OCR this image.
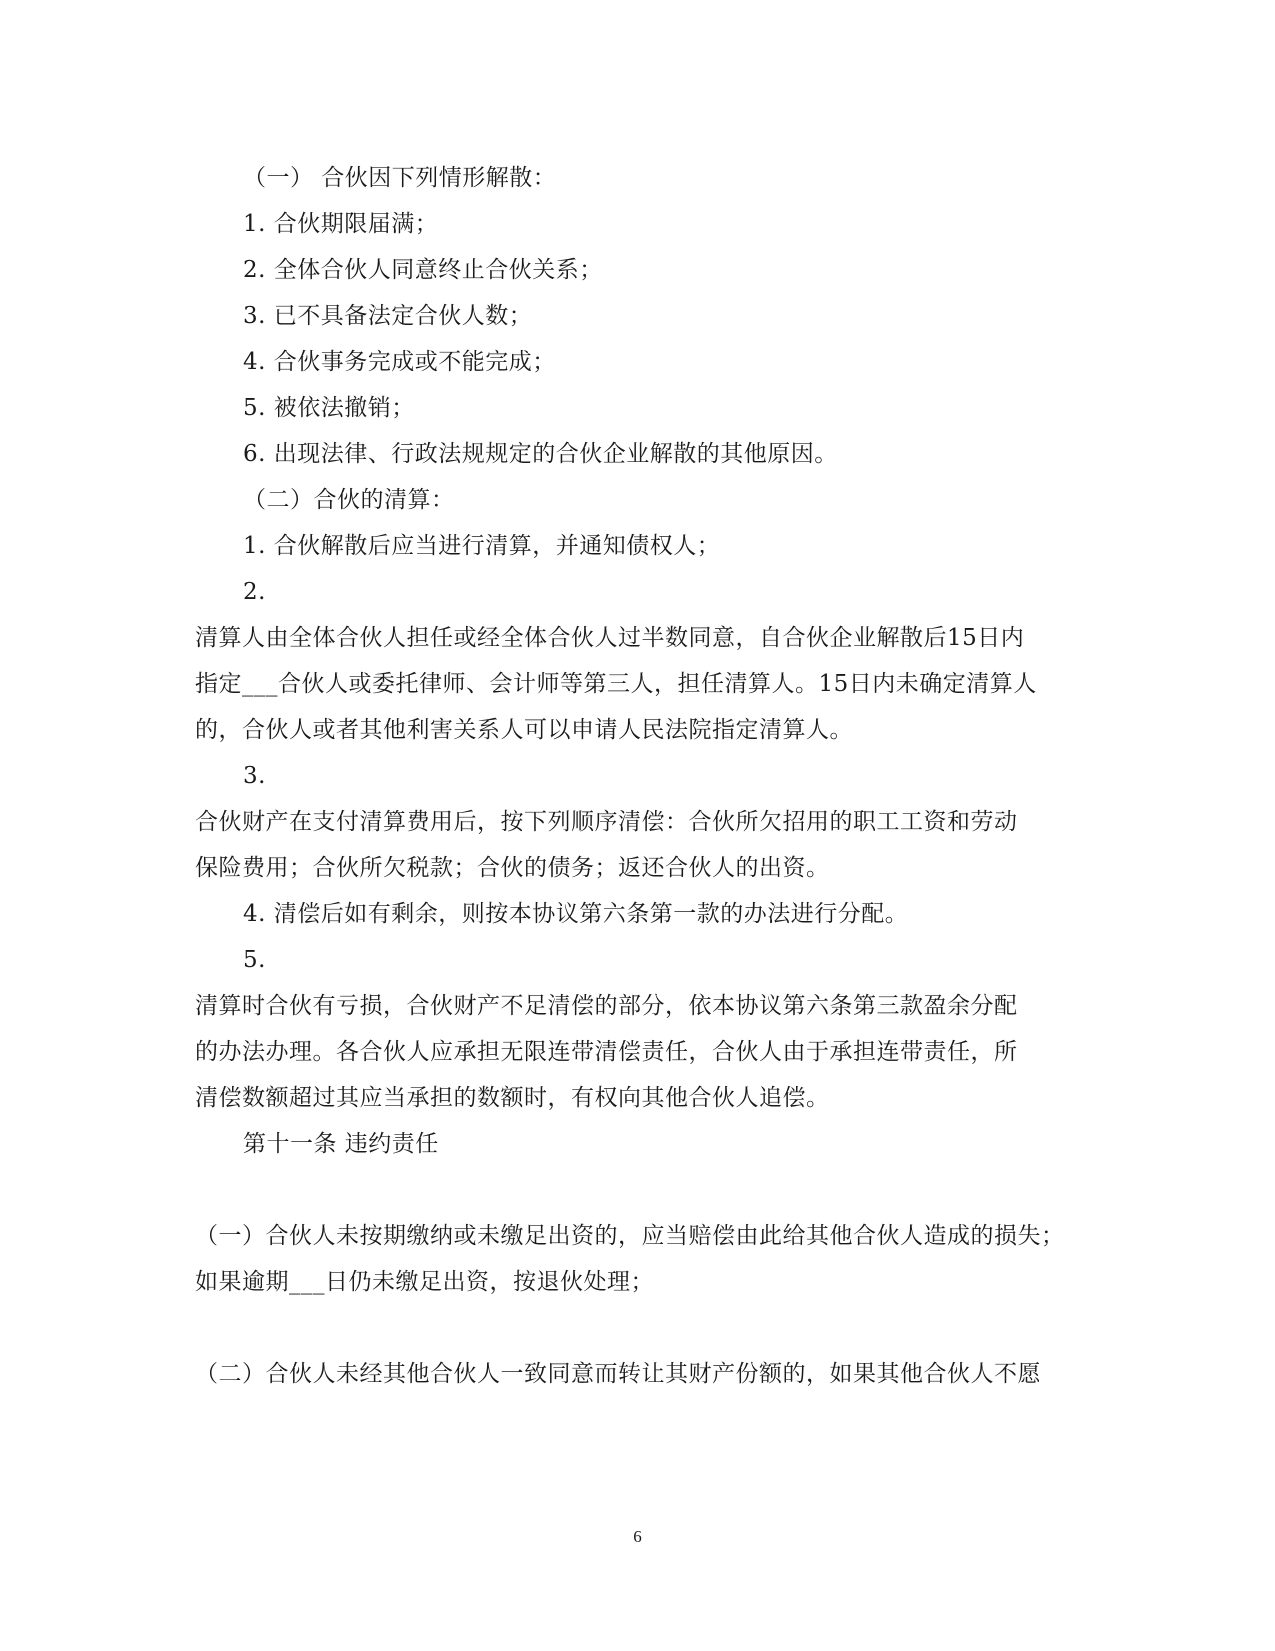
（一） 合伙因下列情形解散：
1. 合伙期限届满；
2. 全体合伙人同意终止合伙关系；
3. 已不具备法定合伙人数；
4. 合伙事务完成或不能完成；
5. 被依法撤销；
6. 出现法律、行政法规规定的合伙企业解散的其他原因。
（二）合伙的清算：
1. 合伙解散后应当进行清算，并通知债权人；
2.
清算人由全体合伙人担任或经全体合伙人过半数同意，自合伙企业解散后15日内
指定___合伙人或委托律师、会计师等第三人，担任清算人。15日内未确定清算人
的，合伙人或者其他利害关系人可以申请人民法院指定清算人。
3.
合伙财产在支付清算费用后，按下列顺序清偿：合伙所欠招用的职工工资和劳动
保险费用；合伙所欠税款；合伙的债务；返还合伙人的出资。
4. 清偿后如有剩余，则按本协议第六条第一款的办法进行分配。
5.
清算时合伙有亏损，合伙财产不足清偿的部分，依本协议第六条第三款盈余分配
的办法办理。各合伙人应承担无限连带清偿责任，合伙人由于承担连带责任，所
清偿数额超过其应当承担的数额时，有权向其他合伙人追偿。
第十一条 违约责任
（一）合伙人未按期缴纳或未缴足出资的，应当赔偿由此给其他合伙人造成的损失；
如果逾期___日仍未缴足出资，按退伙处理；
（二）合伙人未经其他合伙人一致同意而转让其财产份额的，如果其他合伙人不愿
6
